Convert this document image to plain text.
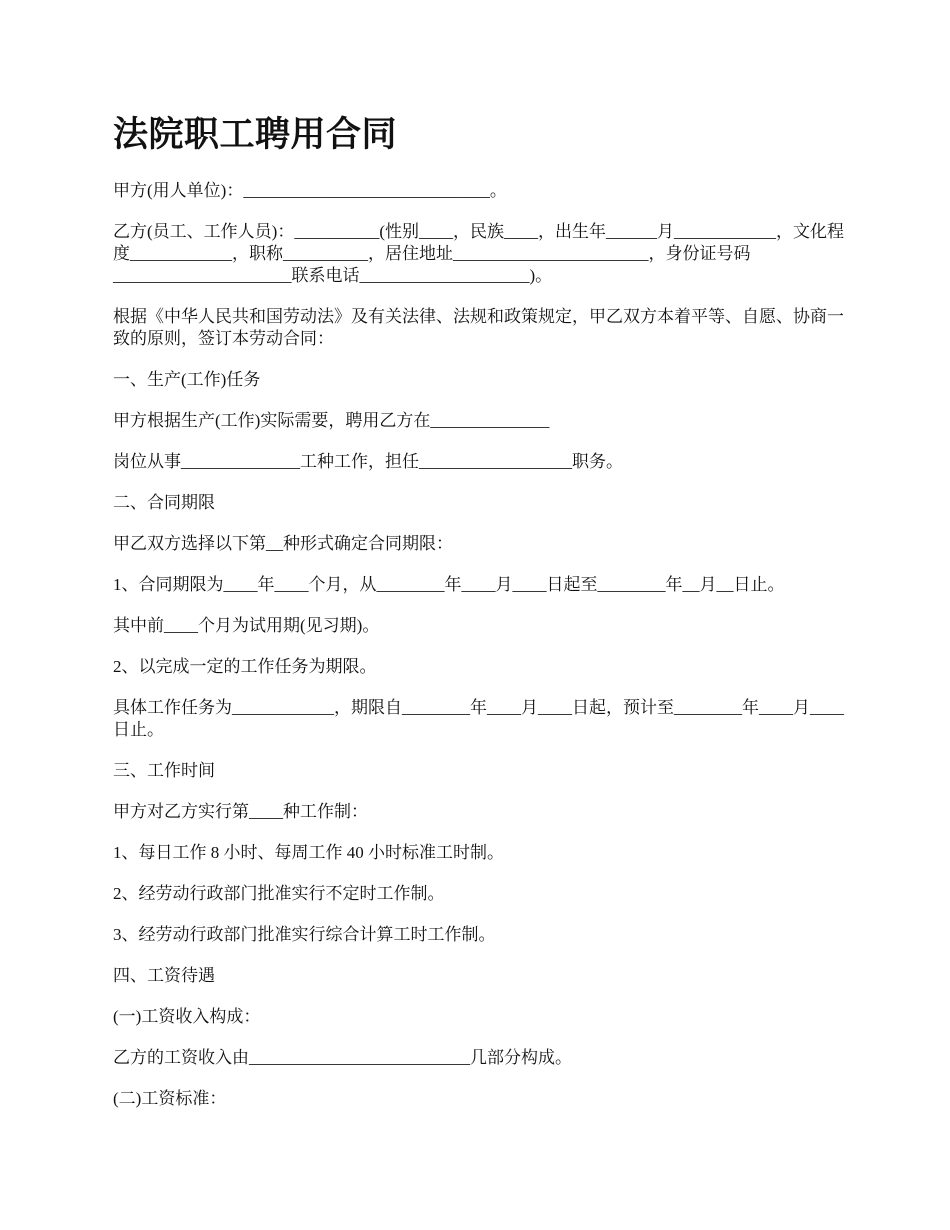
法院职工聘用合同

甲方(用人单位)：_____________________________。

乙方(员工、工作人员)：__________(性别____，民族____，出生年______月____________，文化程度____________，职称__________，居住地址_______________________，身份证号码_____________________联系电话____________________)。

根据《中华人民共和国劳动法》及有关法律、法规和政策规定，甲乙双方本着平等、自愿、协商一致的原则，签订本劳动合同：

一、生产(工作)任务

甲方根据生产(工作)实际需要，聘用乙方在______________

岗位从事______________工种工作，担任__________________职务。

二、合同期限

甲乙双方选择以下第__种形式确定合同期限：

1、合同期限为____年____个月，从________年____月____日起至________年__月__日止。

其中前____个月为试用期(见习期)。

2、以完成一定的工作任务为期限。

具体工作任务为____________，期限自________年____月____日起，预计至________年____月____日止。

三、工作时间

甲方对乙方实行第____种工作制：

1、每日工作 8 小时、每周工作 40 小时标准工时制。

2、经劳动行政部门批准实行不定时工作制。

3、经劳动行政部门批准实行综合计算工时工作制。

四、工资待遇

(一)工资收入构成：

乙方的工资收入由__________________________几部分构成。

(二)工资标准：
